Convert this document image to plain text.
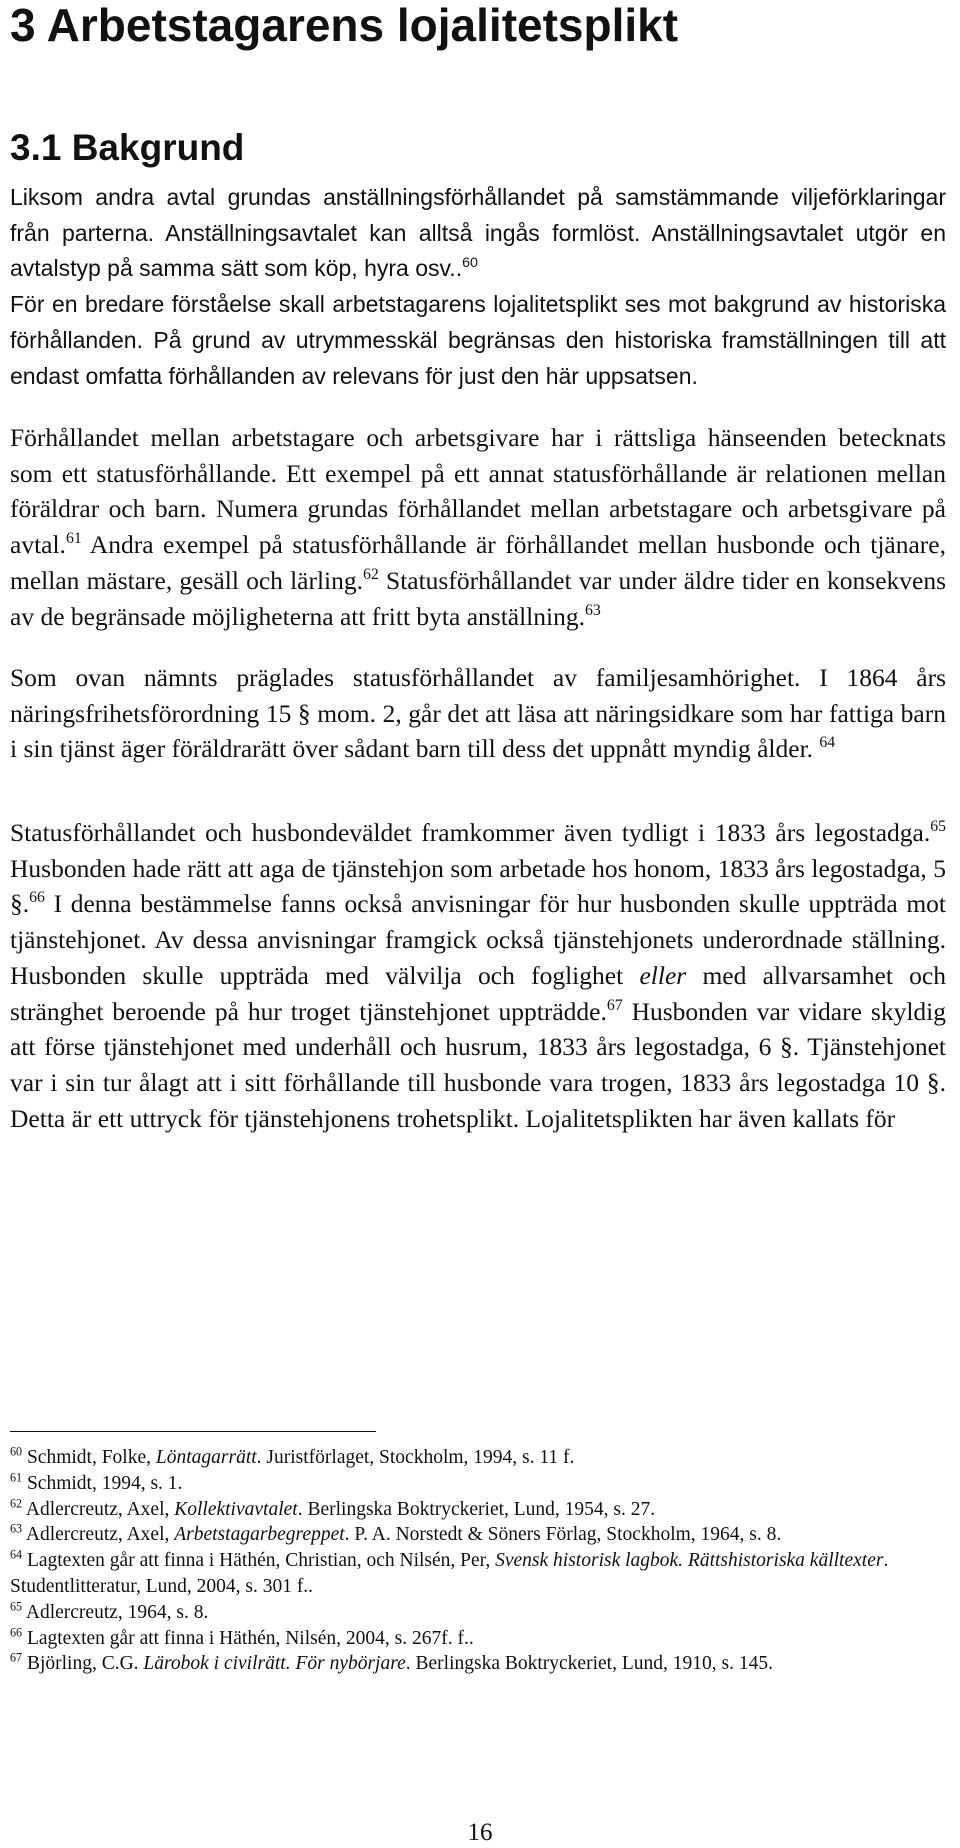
3 Arbetstagarens lojalitetsplikt
3.1 Bakgrund
Liksom andra avtal grundas anställningsförhållandet på samstämmande viljeförklaringar från parterna. Anställningsavtalet kan alltså ingås formlöst. Anställningsavtalet utgör en avtalstyp på samma sätt som köp, hyra osv..$^{60}$
För en bredare förståelse skall arbetstagarens lojalitetsplikt ses mot bakgrund av historiska förhållanden. På grund av utrymmesskäl begränsas den historiska framställningen till att endast omfatta förhållanden av relevans för just den här uppsatsen.
Förhållandet mellan arbetstagare och arbetsgivare har i rättsliga hänseenden betecknats som ett statusförhållande. Ett exempel på ett annat statusförhållande är relationen mellan föräldrar och barn. Numera grundas förhållandet mellan arbetstagare och arbetsgivare på avtal.$^{61}$ Andra exempel på statusförhållande är förhållandet mellan husbonde och tjänare, mellan mästare, gesäll och lärling.$^{62}$ Statusförhållandet var under äldre tider en konsekvens av de begränsade möjligheterna att fritt byta anställning.$^{63}$
Som ovan nämnts präglades statusförhållandet av familjesamhörighet. I 1864 års näringsfrihetsförordning 15 § mom. 2, går det att läsa att näringsidkare som har fattiga barn i sin tjänst äger föräldrarätt över sådant barn till dess det uppnått myndig ålder. $^{64}$
Statusförhållandet och husbondeväldet framkommer även tydligt i 1833 års legostadga.$^{65}$ Husbonden hade rätt att aga de tjänstehjon som arbetade hos honom, 1833 års legostadga, 5 §.$^{66}$ I denna bestämmelse fanns också anvisningar för hur husbonden skulle uppträda mot tjänstehjonet. Av dessa anvisningar framgick också tjänstehjonets underordnade ställning. Husbonden skulle uppträda med välvilja och foglighet eller med allvarsamhet och stränghet beroende på hur troget tjänstehjonet uppträdde.$^{67}$ Husbonden var vidare skyldig att förse tjänstehjonet med underhåll och husrum, 1833 års legostadga, 6 §. Tjänstehjonet var i sin tur ålagt att i sitt förhållande till husbonde vara trogen, 1833 års legostadga 10 §. Detta är ett uttryck för tjänstehjonens trohetsplikt. Lojalitetsplikten har även kallats för

$^{60}$ Schmidt, Folke, Löntagarrätt. Juristförlaget, Stockholm, 1994, s. 11 f.

$^{61}$ Schmidt, 1994, s. 1.

$^{62}$ Adlercreutz, Axel, Kollektivavtalet. Berlingska Boktryckeriet, Lund, 1954, s. 27.

$^{63}$ Adlercreutz, Axel, Arbetstagarbegreppet. P. A. Norstedt & Söners Förlag, Stockholm, 1964, s. 8.

$^{64}$ Lagtexten går att finna i Häthén, Christian, och Nilsén, Per, Svensk historisk lagbok. Rättshistoriska källtexter. Studentlitteratur, Lund, 2004, s. 301 f..

$^{65}$ Adlercreutz, 1964, s. 8.

$^{66}$ Lagtexten går att finna i Häthén, Nilsén, 2004, s. 267f. f..

$^{67}$ Björling, C.G. Lärobok i civilrätt. För nybörjare. Berlingska Boktryckeriet, Lund, 1910, s. 145.

16
